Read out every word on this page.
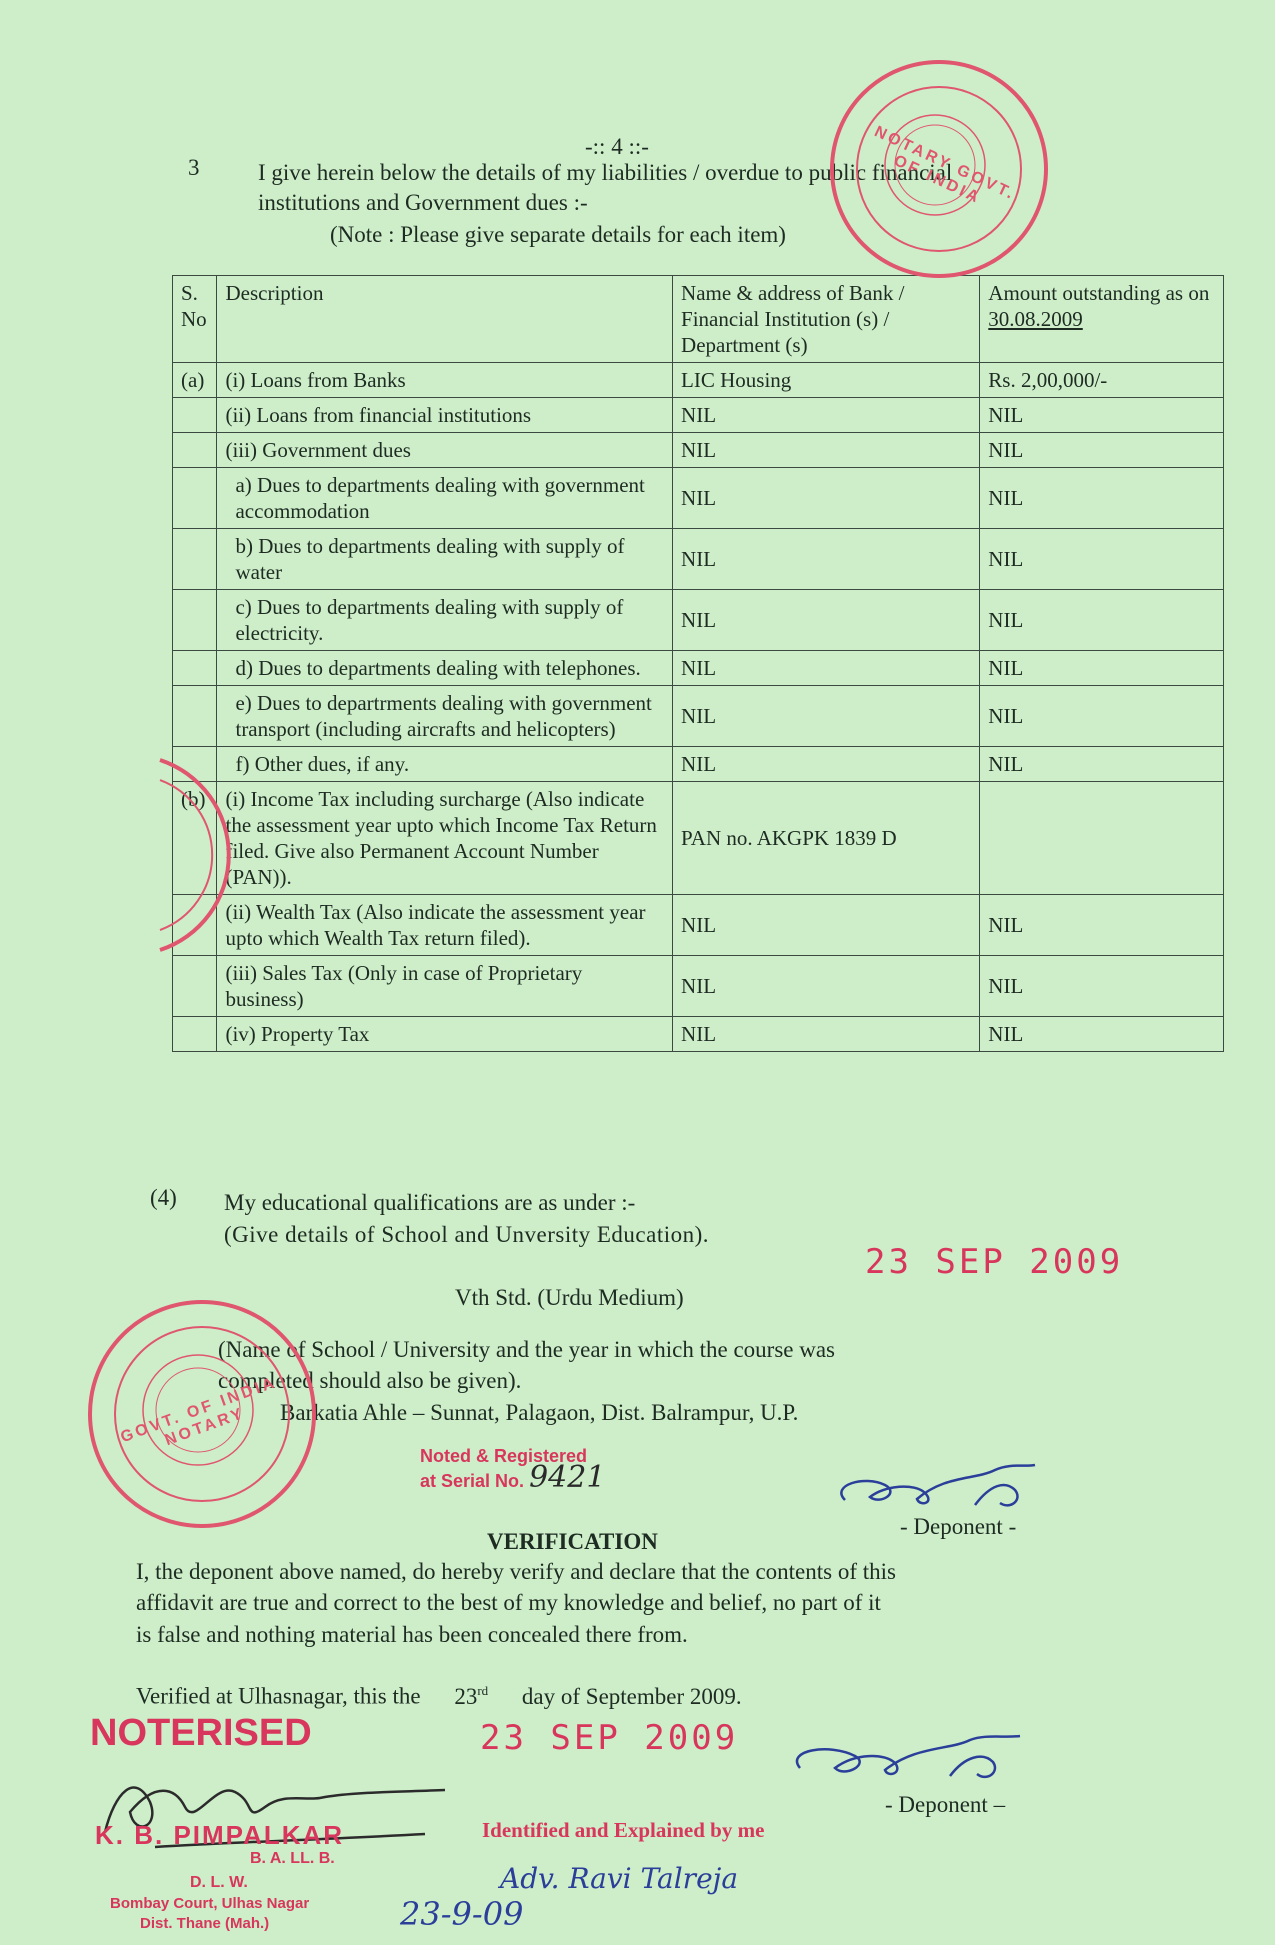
-:: 4 ::-
3	I give herein below the details of my liabilities / overdue to public financial
institutions and Government dues :-
(Note : Please give separate details for each item)
S. No	Description	Name & address of Bank / Financial Institution (s) / Department (s)	Amount outstanding as on 30.08.2009
(a)	(i) Loans from Banks	LIC Housing	Rs. 2,00,000/-
	(ii) Loans from financial institutions	NIL	NIL
	(iii) Government dues	NIL	NIL
	a) Dues to departments dealing with government accommodation	NIL	NIL
	b) Dues to departments dealing with supply of water	NIL	NIL
	c) Dues to departments dealing with supply of electricity.	NIL	NIL
	d) Dues to departments dealing with telephones.	NIL	NIL
	e) Dues to departrments dealing with government transport (including aircrafts and helicopters)	NIL	NIL
	f) Other dues, if any.	NIL	NIL
(b)	(i) Income Tax including surcharge (Also indicate the assessment year upto which Income Tax Return filed. Give also Permanent Account Number (PAN)).	PAN no. AKGPK 1839 D	
	(ii) Wealth Tax (Also indicate the assessment year upto which Wealth Tax return filed).	NIL	NIL
	(iii) Sales Tax (Only in case of Proprietary business)	NIL	NIL
	(iv) Property Tax	NIL	NIL
(4) My educational qualifications are as under :-
(Give details of School and Unversity Education).
Vth Std. (Urdu Medium)
(Name of School / University and the year in which the course was
completed should also be given).
Barkatia Ahle – Sunnat, Palagaon, Dist. Balrampur, U.P.
23 SEP 2009
Noted & Registered
at Serial No. 9421
- Deponent -
VERIFICATION
I, the deponent above named, do hereby verify and declare that the contents of this
affidavit are true and correct to the best of my knowledge and belief, no part of it
is false and nothing material has been concealed there from.
Verified at Ulhasnagar, this the 23rd day of September 2009.
NOTERISED	23 SEP 2009
- Deponent –
K. B. PIMPALKAR
B. A. LL. B.
D. L. W.
Bombay Court, Ulhas Nagar
Dist. Thane (Mah.)
Identified and Explained by me
Adv. Ravi Talreja
23-9-09
NOTARY GOVT. OF INDIA
GOVT. OF INDIA NOTARY
